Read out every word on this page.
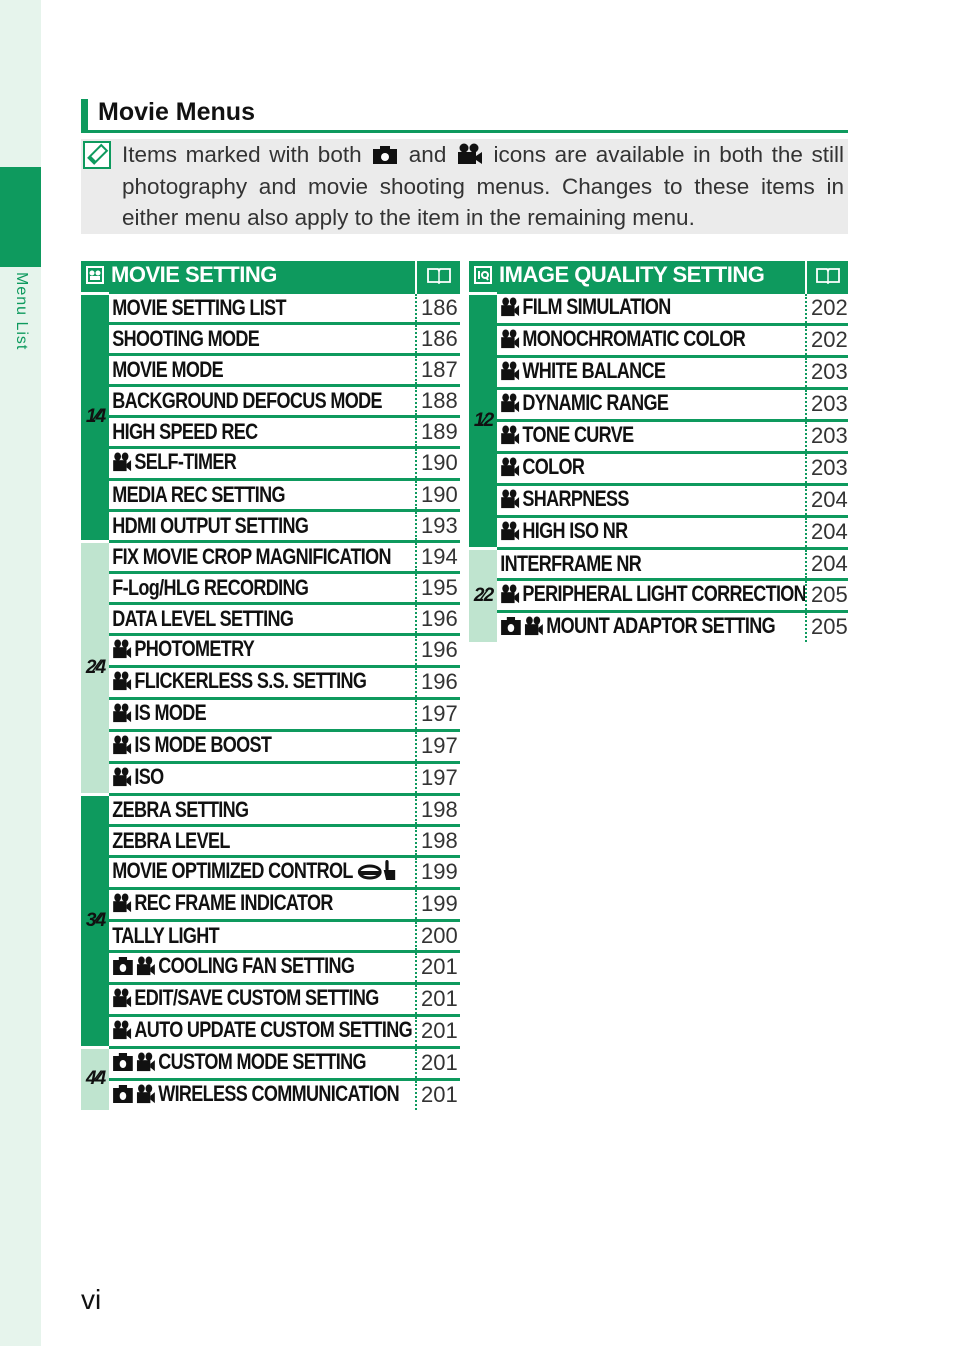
Menu List
Movie Menus
Items marked with both and icons are available in both the still photography and movie shooting menus. Changes to these items in either menu also apply to the item in the remaining menu.
MOVIE SETTING	
1⁄4	MOVIE SETTING LIST	186
	SHOOTING MODE	186
	MOVIE MODE	187
	BACKGROUND DEFOCUS MODE	188
	HIGH SPEED REC	189
	SELF-TIMER	190
	MEDIA REC SETTING	190
	HDMI OUTPUT SETTING	193
2⁄4	FIX MOVIE CROP MAGNIFICATION	194
	F-Log/HLG RECORDING	195
	DATA LEVEL SETTING	196
	PHOTOMETRY	196
	FLICKERLESS S.S. SETTING	196
	IS MODE	197
	IS MODE BOOST	197
	ISO	197
3⁄4	ZEBRA SETTING	198
	ZEBRA LEVEL	198
	MOVIE OPTIMIZED CONTROL	199
	REC FRAME INDICATOR	199
	TALLY LIGHT	200
	COOLING FAN SETTING	201
	EDIT/SAVE CUSTOM SETTING	201
	AUTO UPDATE CUSTOM SETTING	201
4⁄4	CUSTOM MODE SETTING	201
	WIRELESS COMMUNICATION	201
IMAGE QUALITY SETTING	
1⁄2	FILM SIMULATION	202
	MONOCHROMATIC COLOR	202
	WHITE BALANCE	203
	DYNAMIC RANGE	203
	TONE CURVE	203
	COLOR	203
	SHARPNESS	204
	HIGH ISO NR	204
2⁄2	INTERFRAME NR	204
	PERIPHERAL LIGHT CORRECTION	205
	MOUNT ADAPTOR SETTING	205
vi
